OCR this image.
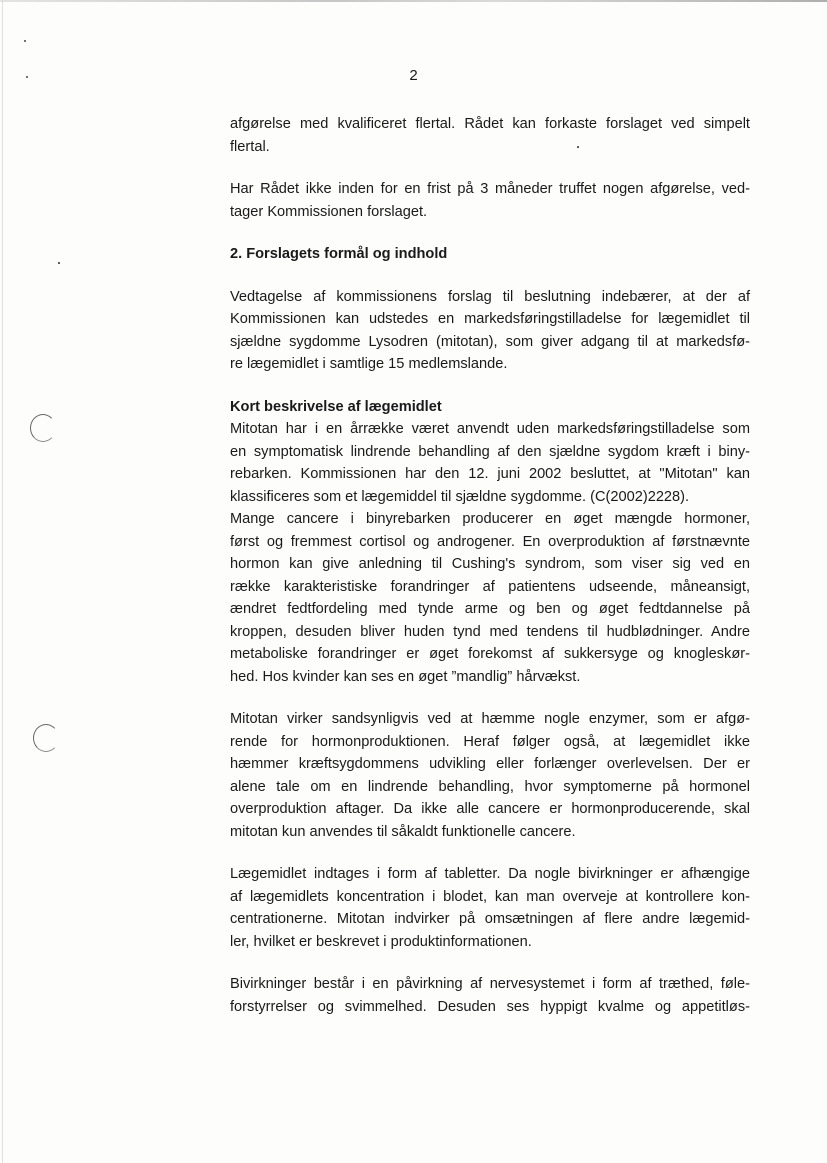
2
afgørelse med kvalificeret flertal. Rådet kan forkaste forslaget ved simpelt
flertal.
Har Rådet ikke inden for en frist på 3 måneder truffet nogen afgørelse, ved-
tager Kommissionen forslaget.
2. Forslagets formål og indhold
Vedtagelse af kommissionens forslag til beslutning indebærer, at der af
Kommissionen kan udstedes en markedsføringstilladelse for lægemidlet til
sjældne sygdomme Lysodren (mitotan), som giver adgang til at markedsfø-
re lægemidlet i samtlige 15 medlemslande.
Kort beskrivelse af lægemidlet
Mitotan har i en årrække været anvendt uden markedsføringstilladelse som
en symptomatisk lindrende behandling af den sjældne sygdom kræft i biny-
rebarken. Kommissionen har den 12. juni 2002 besluttet, at "Mitotan" kan
klassificeres som et lægemiddel til sjældne sygdomme. (C(2002)2228).
Mange cancere i binyrebarken producerer en øget mængde hormoner,
først og fremmest cortisol og androgener. En overproduktion af førstnævnte
hormon kan give anledning til Cushing's syndrom, som viser sig ved en
række karakteristiske forandringer af patientens udseende, måneansigt,
ændret fedtfordeling med tynde arme og ben og øget fedtdannelse på
kroppen, desuden bliver huden tynd med tendens til hudblødninger. Andre
metaboliske forandringer er øget forekomst af sukkersyge og knogleskør-
hed. Hos kvinder kan ses en øget ”mandlig” hårvækst.
Mitotan virker sandsynligvis ved at hæmme nogle enzymer, som er afgø-
rende for hormonproduktionen. Heraf følger også, at lægemidlet ikke
hæmmer kræftsygdommens udvikling eller forlænger overlevelsen. Der er
alene tale om en lindrende behandling, hvor symptomerne på hormonel
overproduktion aftager. Da ikke alle cancere er hormonproducerende, skal
mitotan kun anvendes til såkaldt funktionelle cancere.
Lægemidlet indtages i form af tabletter. Da nogle bivirkninger er afhængige
af lægemidlets koncentration i blodet, kan man overveje at kontrollere kon-
centrationerne. Mitotan indvirker på omsætningen af flere andre lægemid-
ler, hvilket er beskrevet i produktinformationen.
Bivirkninger består i en påvirkning af nervesystemet i form af træthed, føle-
forstyrrelser og svimmelhed. Desuden ses hyppigt kvalme og appetitløs-
